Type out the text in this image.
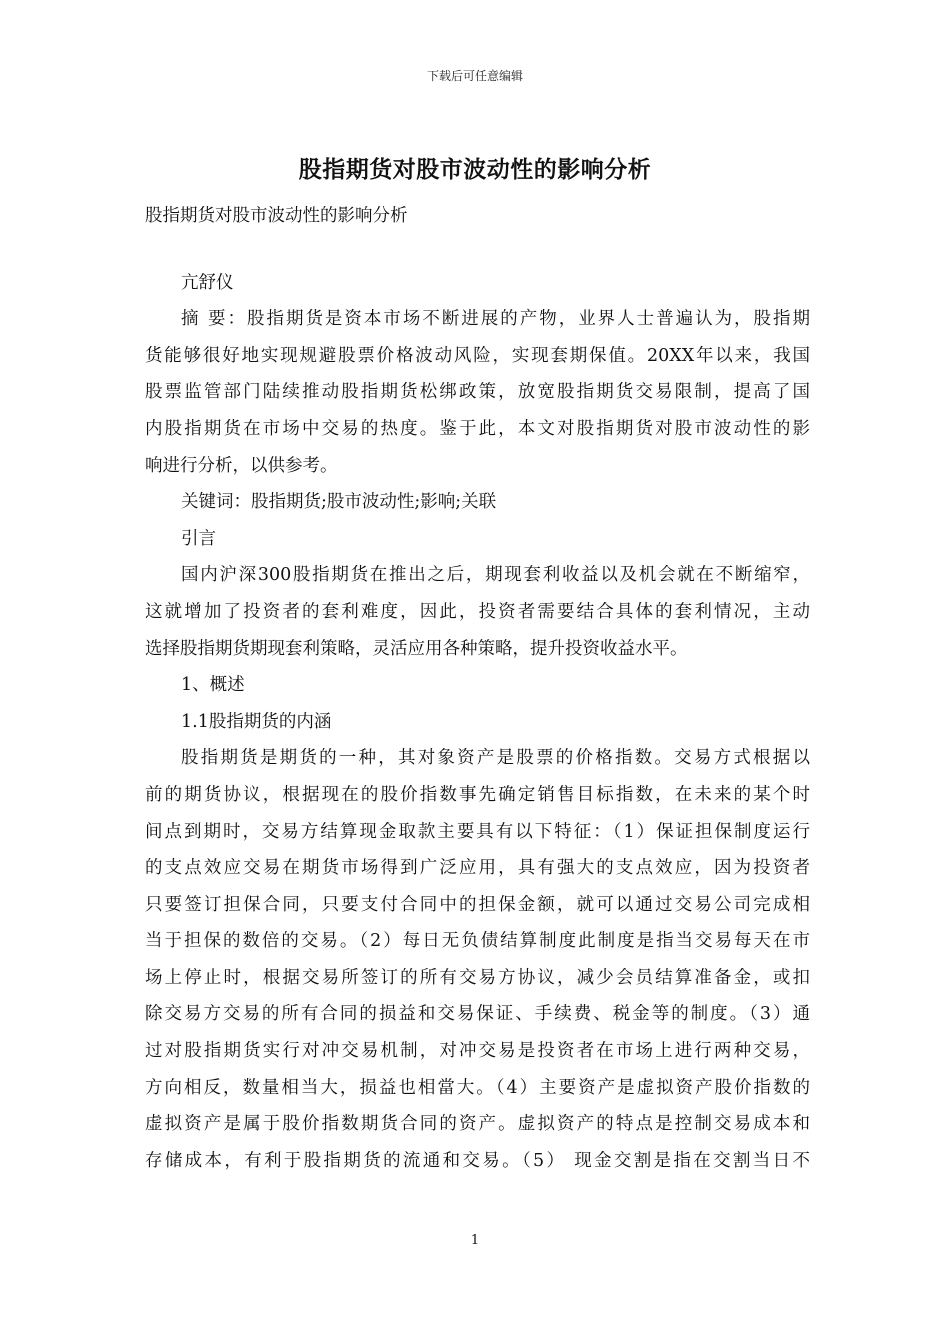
下载后可任意编辑
股指期货对股市波动性的影响分析
股指期货对股市波动性的影响分析
亢舒仪
摘 要：股指期货是资本市场不断进展的产物，业界人士普遍认为，股指期
货能够很好地实现规避股票价格波动风险，实现套期保值。20XX年以来，我国
股票监管部门陆续推动股指期货松绑政策，放宽股指期货交易限制，提高了国
内股指期货在市场中交易的热度。鉴于此，本文对股指期货对股市波动性的影
响进行分析，以供参考。
关键词：股指期货;股市波动性;影响;关联
引言
国内沪深300股指期货在推出之后，期现套利收益以及机会就在不断缩窄，
这就增加了投资者的套利难度，因此，投资者需要结合具体的套利情况，主动
选择股指期货期现套利策略，灵活应用各种策略，提升投资收益水平。
1、概述
1.1股指期货的内涵
股指期货是期货的一种，其对象资产是股票的价格指数。交易方式根据以
前的期货协议，根据现在的股价指数事先确定销售目标指数，在未来的某个时
间点到期时，交易方结算现金取款主要具有以下特征：（1）保证担保制度运行
的支点效应交易在期货市场得到广泛应用，具有强大的支点效应，因为投资者
只要签订担保合同，只要支付合同中的担保金额，就可以通过交易公司完成相
当于担保的数倍的交易。（2）每日无负债结算制度此制度是指当交易每天在市
场上停止时，根据交易所签订的所有交易方协议，减少会员结算准备金，或扣
除交易方交易的所有合同的损益和交易保证、手续费、税金等的制度。（3）通
过对股指期货实行对冲交易机制，对冲交易是投资者在市场上进行两种交易，
方向相反，数量相当大，损益也相當大。（4）主要资产是虚拟资产股价指数的
虚拟资产是属于股价指数期货合同的资产。虚拟资产的特点是控制交易成本和
存储成本，有利于股指期货的流通和交易。（5） 现金交割是指在交割当日不
1
